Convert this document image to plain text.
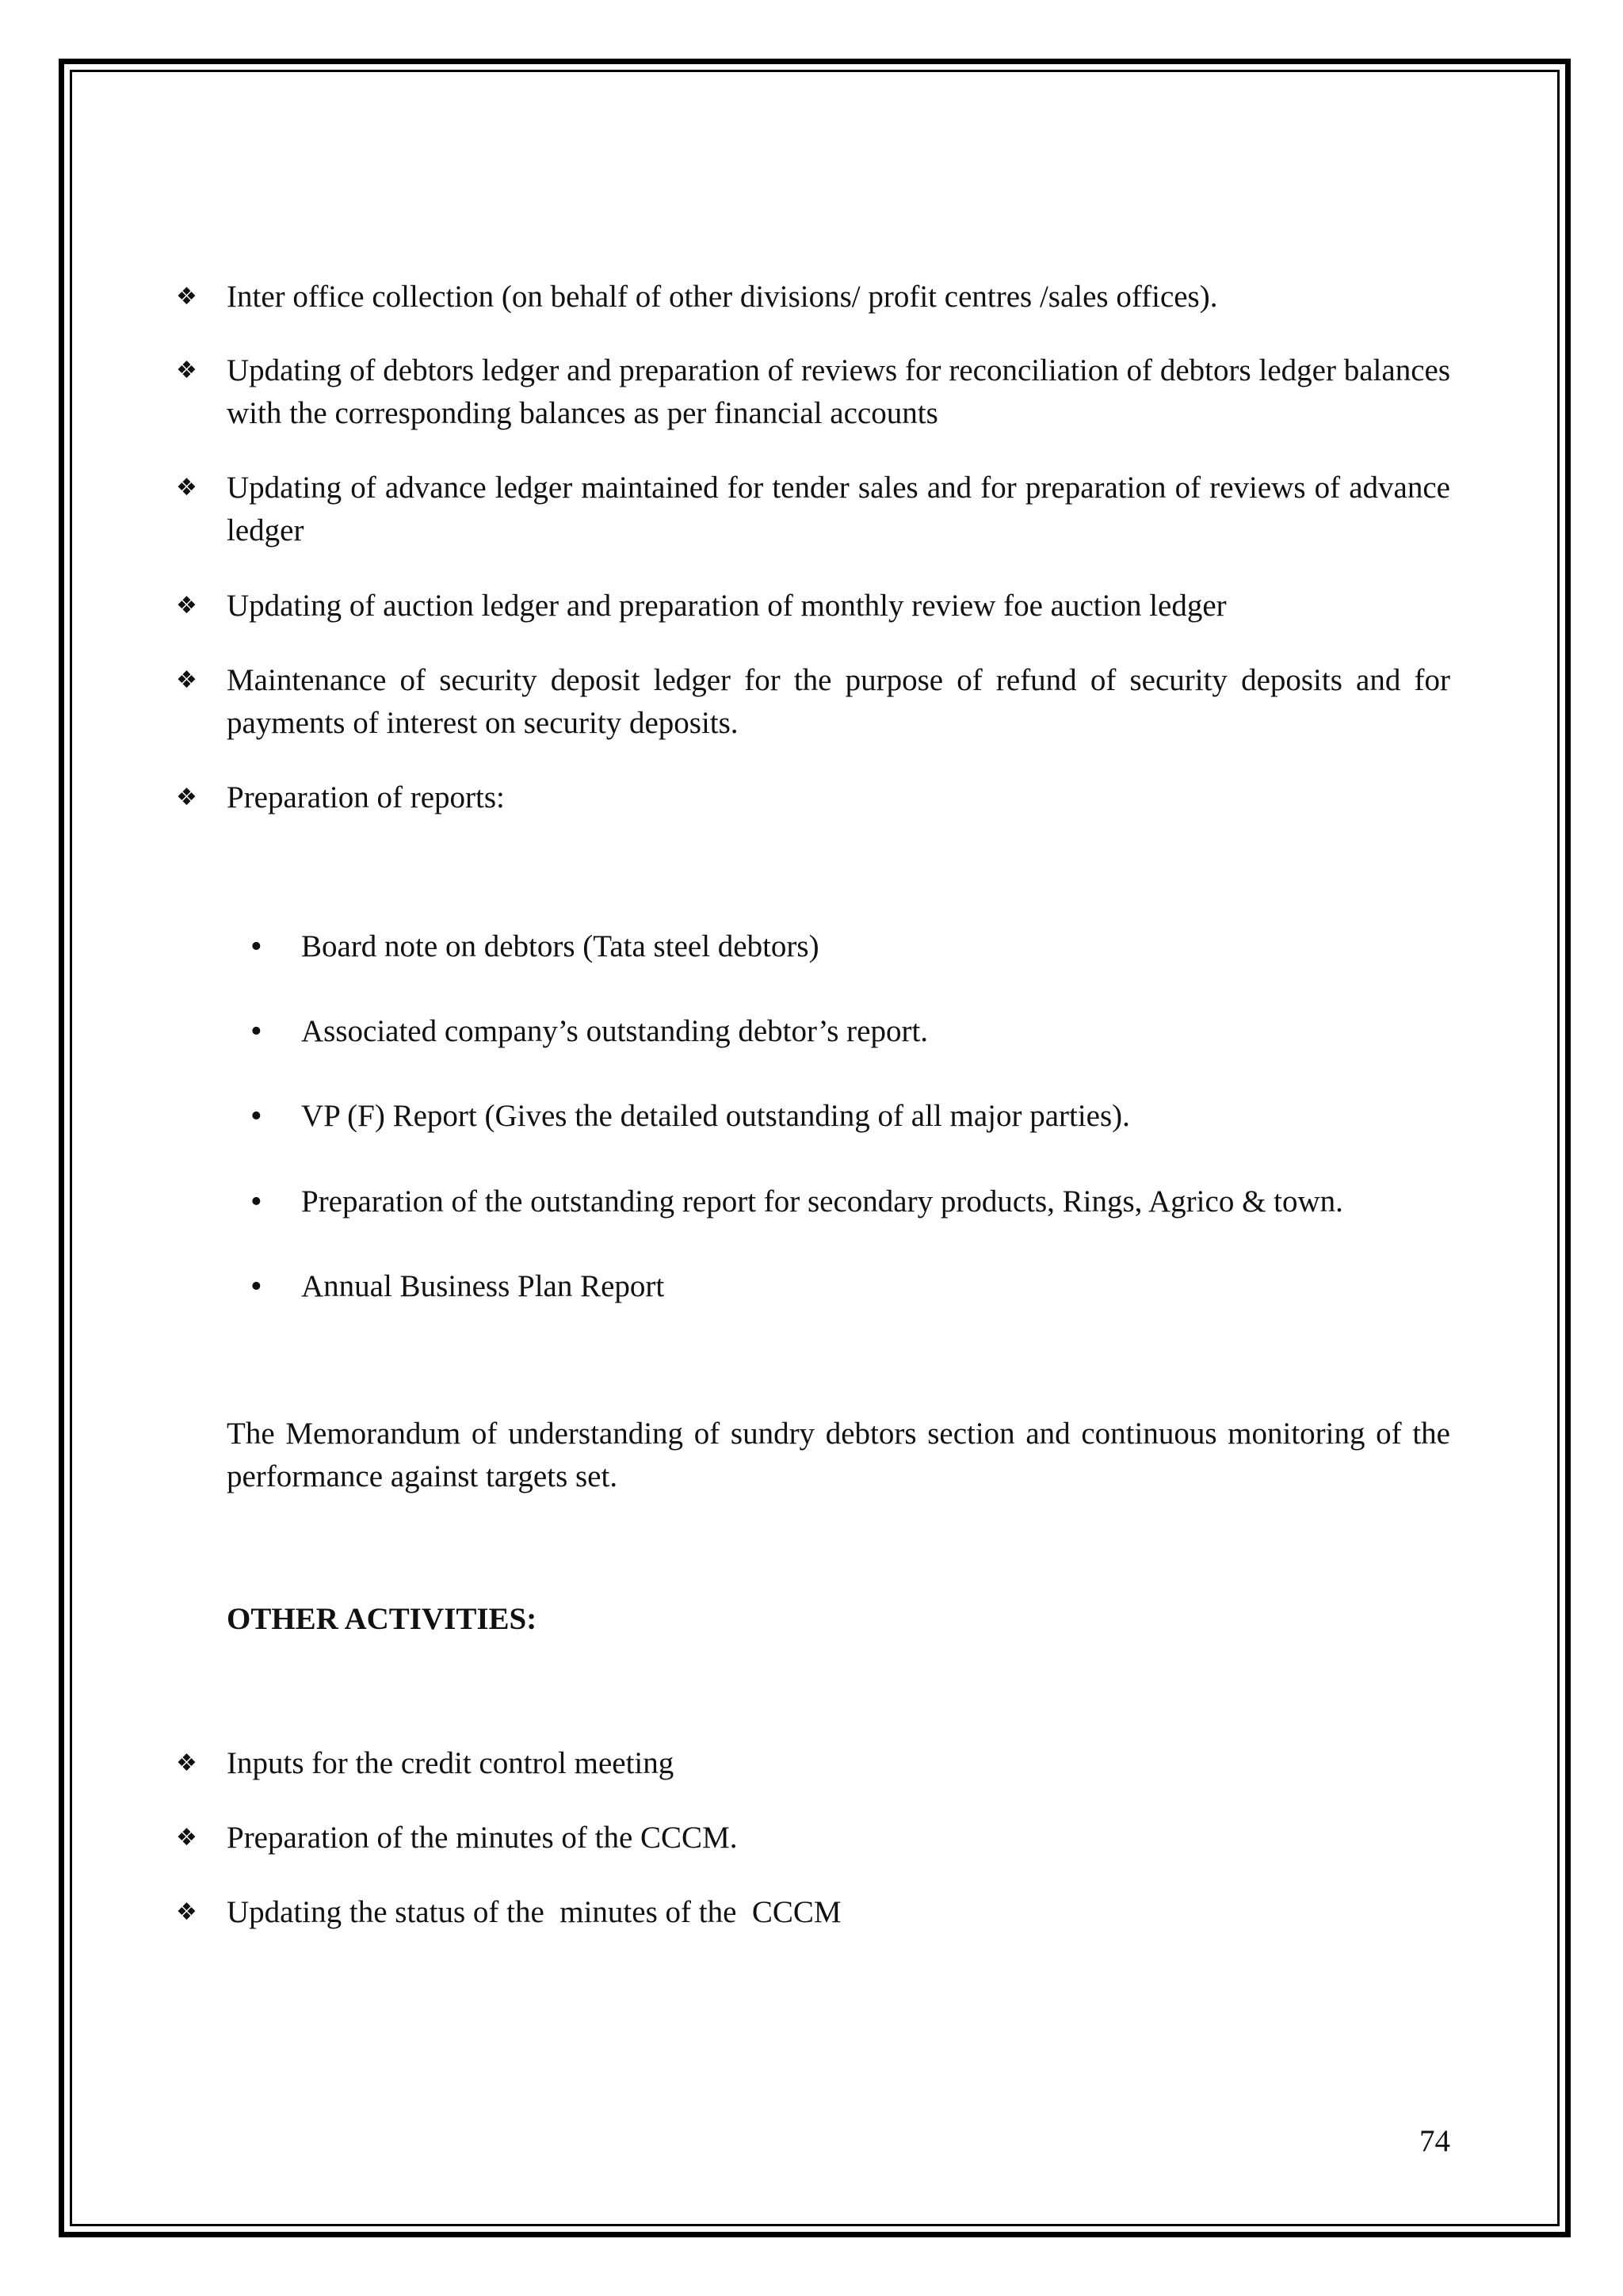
❖ Inter office collection (on behalf of other divisions/ profit centres /sales offices).
❖ Updating of debtors ledger and preparation of reviews for reconciliation of debtors ledger balances with the corresponding balances as per financial accounts
❖ Updating of advance ledger maintained for tender sales and for preparation of reviews of advance ledger
❖ Updating of auction ledger and preparation of monthly review foe auction ledger
❖ Maintenance of security deposit ledger for the purpose of refund of security deposits and for payments of interest on security deposits.
❖ Preparation of reports:
• Board note on debtors (Tata steel debtors)
• Associated company’s outstanding debtor’s report.
• VP (F) Report (Gives the detailed outstanding of all major parties).
• Preparation of the outstanding report for secondary products, Rings, Agrico & town.
• Annual Business Plan Report
The Memorandum of understanding of sundry debtors section and continuous monitoring of the performance against targets set.
OTHER ACTIVITIES:
❖ Inputs for the credit control meeting
❖ Preparation of the minutes of the CCCM.
❖ Updating the status of the  minutes of the  CCCM
74
